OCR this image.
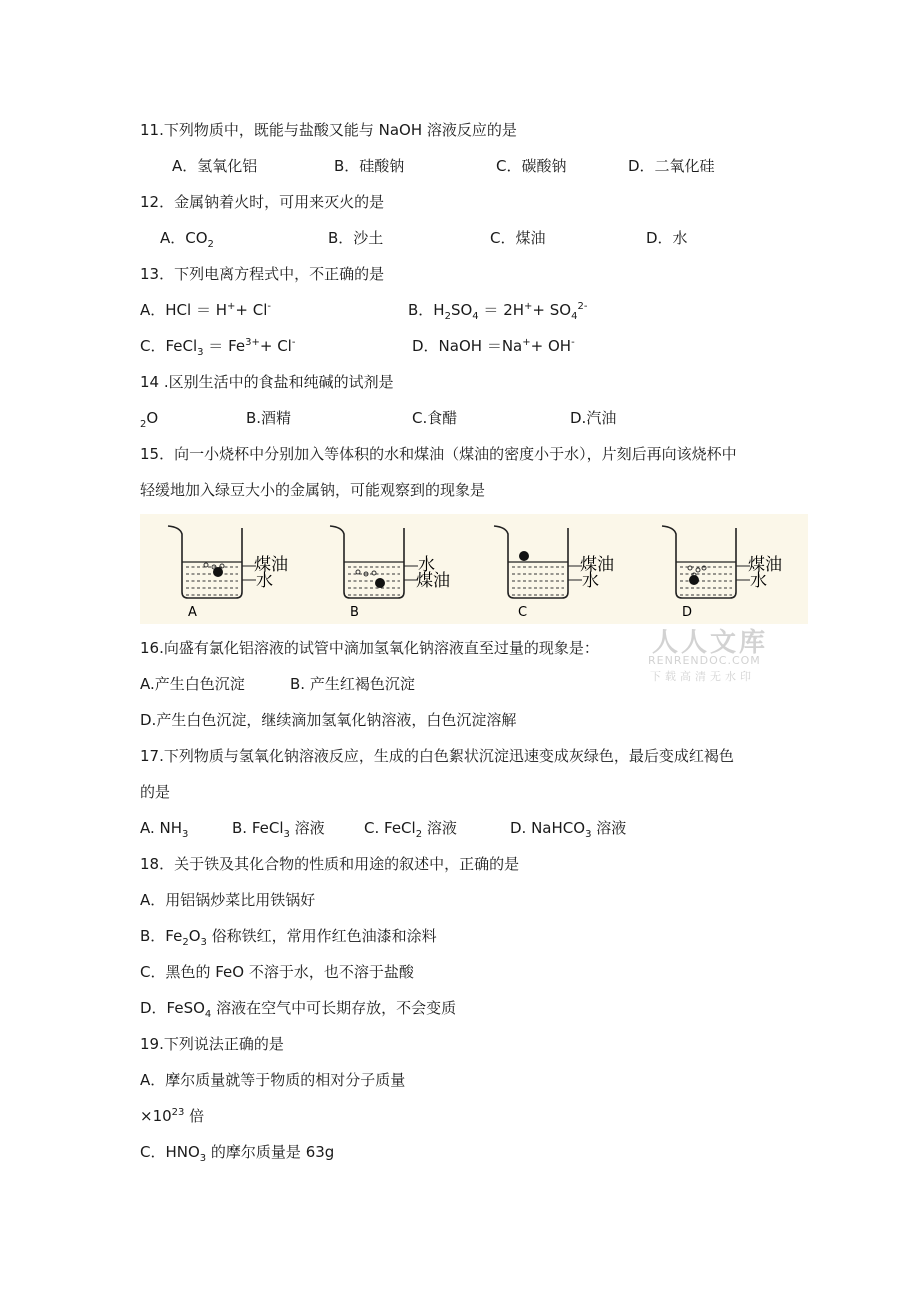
11.下列物质中，既能与盐酸又能与 NaOH 溶液反应的是
A．氢氧化铝	B．硅酸钠	C．碳酸钠	D．二氧化硅
12．金属钠着火时，可用来灭火的是
A．$CO_2$	B．沙土	C．煤油	D．水
13．下列电离方程式中，不正确的是
A．HCl ＝ H++ Cl-	B．$H_2SO_4 = 2H^++ SO_4^{2-}$
C．FeCl$_3$ ＝ $Fe^{3+}+ Cl^-$	D．NaOH ＝Na++ OH-
14 .区别生活中的食盐和纯碱的试剂是
$_2$O	B.酒精	C.食醋	D.汽油
15．向一小烧杯中分别加入等体积的水和煤油（煤油的密度小于水），片刻后再向该烧杯中
轻缓地加入绿豆大小的金属钠，可能观察到的现象是
煤油
水
A
水
煤油
B
煤油
水
C
煤油
水
D
人人文库
RENRENDOC.COM
下载高清无水印
16.向盛有氯化铝溶液的试管中滴加氢氧化钠溶液直至过量的现象是：
A.产生白色沉淀	B. 产生红褐色沉淀
D.产生白色沉淀，继续滴加氢氧化钠溶液，白色沉淀溶解
17.下列物质与氢氧化钠溶液反应，生成的白色絮状沉淀迅速变成灰绿色，最后变成红褐色
的是
A. $NH_3$	B. FeCl$_3$ 溶液	C. FeCl$_2$ 溶液	D. NaHCO$_3$ 溶液
18．关于铁及其化合物的性质和用途的叙述中，正确的是
A．用铝锅炒菜比用铁锅好
B．$Fe_2O_3$ 俗称铁红，常用作红色油漆和涂料
C．黑色的 FeO 不溶于水，也不溶于盐酸
D．FeSO$_4$ 溶液在空气中可长期存放，不会变质
19.下列说法正确的是
A．摩尔质量就等于物质的相对分子质量
$\times 10^{23}$ 倍
C．$HNO_3$ 的摩尔质量是 63g
